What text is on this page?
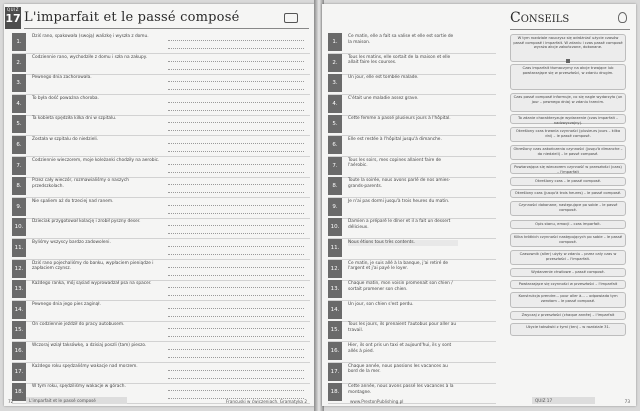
QUIZ
17 L'imparfait et le passé composé
1.
Dziś rano, spakowała (swoją) walizkę i wyszła z domu.
2.
Codziennie rano, wychodziłe z domu i szła na zakupy.
3.
Pewnego dnia zachorowała.
4.
To była dość poważna choroba.
5.
Ta kobieta spędziła kilka dni w szpitalu.
6.
Została w szpitalu do niedzieli.
7.
Codziennie wieczorem, moje koleżanki chodziły na aerobic.
8.
Przez cały wieczór, rozmawialiśmy o naszych przedszkolach.
9.
Nie spaliem aż do trzeciej nad ranem.
10.
Dzieciak przygotował kolację i zrobił pyszny deser.
11.
Byliśmy wszyscy bardzo zadowoleni.
12.
Dziś rano pojechaliśmy do banku, wypłaciem pieniądze i zapłaciem czynsz.
13.
Każdego ranka, mój sąsiad wyprowadzał psa na spacer.
14.
Pewnego dnia jego pies zaginął.
15.
On codziennie jeździł do pracy autobusem.
16.
Wczoraj wziął taksówkę, a dzisiaj poszli (tam) pieszo.
17.
Każdego roku spędzaliśmy wakacje nad morzem.
18.
W tym roku, spędziliśmy wakacje w górach.
72	L'imparfait et le passé composé	Francuski w ćwiczeniach. Gramatyka 2
1.
Ce matin, elle a fait sa valise et elle est sortie de la maison.
2.
Tous les matins, elle sortait de la maison et elle allait faire les courses.
3.
Un jour, elle est tombée malade.
4.
C'était une maladie assez grave.
5.
Cette femme a passé plusieurs jours à l'hôpital.
6.
Elle est restée à l'hôpital jusqu'à dimanche.
7.
Tous les soirs, mes copines allaient faire de l'aérobic.
8.
Toute la soirée, nous avons parlé de nos amies-grands-parents.
9.
Je n'ai pas dormi jusqu'à trois heures du matin.
10.
Damien a préparé le dîner et il a fait un dessert délicieux.
11.
Nous étions tous très contents.
12.
Ce matin, je suis allé à la banque, j'ai retiré de l'argent et j'ai payé le loyer.
13.
Chaque matin, mon voisin promenait son chien / sortait promener son chien.
14.
Un jour, son chien s'est perdu.
15.
Tous les jours, ils prenaient l'autobus pour aller au travail.
16.
Hier, ils ont pris un taxi et aujourd'hui, ils y sont allés à pied.
17.
Chaque année, nous passions les vacances au bord de la mer.
18.
Cette année, nous avons passé les vacances à la montagne.
Conseils
W tym rozdziale nauczysz się odróżniać użycie czasów passé composé i imparfait. W zdaniu i czas passé composé wyraża akcje zakończone, dokonane.
Czas imparfait tłumaczymy na akcje trwające lub powtarzające się w przeszłości, w zdaniu drugim.
Czas passé composé informuje, co się nagle wydarzyło (un jour – pewnego dnia) w zdaniu trzecim.
To zdanie charakteryzuje wydarzenie (czas imparfait – nadzwyczajny).
Określony czas trwania czynności (plusieurs jours – kilka dni) – le passé composé.
Określony czas zakończenia czynności (jusqu'à dimanche – do niedzieli) – le passé composé.
Powtarzająca się wieczorem czynność w przeszłości (czas) – l'imparfait
Określony czas – le passé composé.
Określony czas (jusqu'à trois heures) – le passé composé.
Czynności dokonane, następujące po sobie – le passé composé.
Opis stanu, emocji – czas imparfait.
Kilka krótkich czynności następujących po sobie – le passé composé.
Czasownik (aller) użyty w zdaniu – przez cały czas w przeszłości – l'imparfait.
Wydarzenie chwilowe – passé composé.
Powtarzające się czynności w przeszłości – l'imparfait
Konstrukcja prendre... pour aller à... – odpowiada tym zwrotom – le passé composé.
Zwyczaj z przeszłości (chaque année) – l'imparfait
Użycie taksówki z tymi (ten) – w rozdziale 31.
www.PrestonPublishing.pl	QUIZ 17	73
